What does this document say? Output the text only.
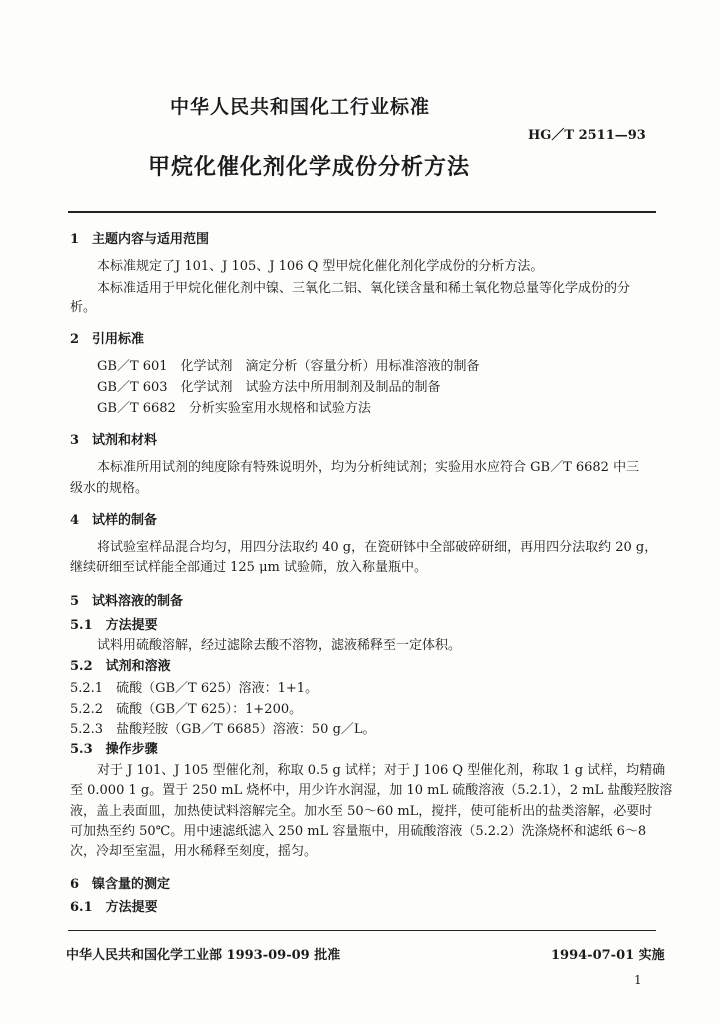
中华人民共和国化工行业标准
HG／T 2511—93
甲烷化催化剂化学成份分析方法
1　主题内容与适用范围
本标准规定了J 101、J 105、J 106 Q 型甲烷化催化剂化学成份的分析方法。
本标准适用于甲烷化催化剂中镍、三氧化二铝、氧化镁含量和稀土氧化物总量等化学成份的分
析。
2　引用标准
GB／T 601　化学试剂　滴定分析（容量分析）用标准溶液的制备
GB／T 603　化学试剂　试验方法中所用制剂及制品的制备
GB／T 6682　分析实验室用水规格和试验方法
3　试剂和材料
本标准所用试剂的纯度除有特殊说明外，均为分析纯试剂；实验用水应符合 GB／T 6682 中三
级水的规格。
4　试样的制备
将试验室样品混合均匀，用四分法取约 40 g，在瓷研钵中全部破碎研细，再用四分法取约 20 g，
继续研细至试样能全部通过 125 μm 试验筛，放入称量瓶中。
5　试料溶液的制备
5.1　方法提要
试料用硫酸溶解，经过滤除去酸不溶物，滤液稀释至一定体积。
5.2　试剂和溶液
5.2.1　硫酸（GB／T 625）溶液：1+1。
5.2.2　硫酸（GB／T 625）：1+200。
5.2.3　盐酸羟胺（GB／T 6685）溶液：50 g／L。
5.3　操作步骤
对于 J 101、J 105 型催化剂，称取 0.5 g 试样；对于 J 106 Q 型催化剂，称取 1 g 试样，均精确
至 0.000 1 g。置于 250 mL 烧杯中，用少许水润湿，加 10 mL 硫酸溶液（5.2.1），2 mL 盐酸羟胺溶
液，盖上表面皿，加热使试料溶解完全。加水至 50～60 mL，搅拌，使可能析出的盐类溶解，必要时
可加热至约 50℃。用中速滤纸滤入 250 mL 容量瓶中，用硫酸溶液（5.2.2）洗涤烧杯和滤纸 6～8
次，冷却至室温，用水稀释至刻度，摇匀。
6　镍含量的测定
6.1　方法提要
中华人民共和国化学工业部 1993-09-09 批准	1994-07-01 实施
1
